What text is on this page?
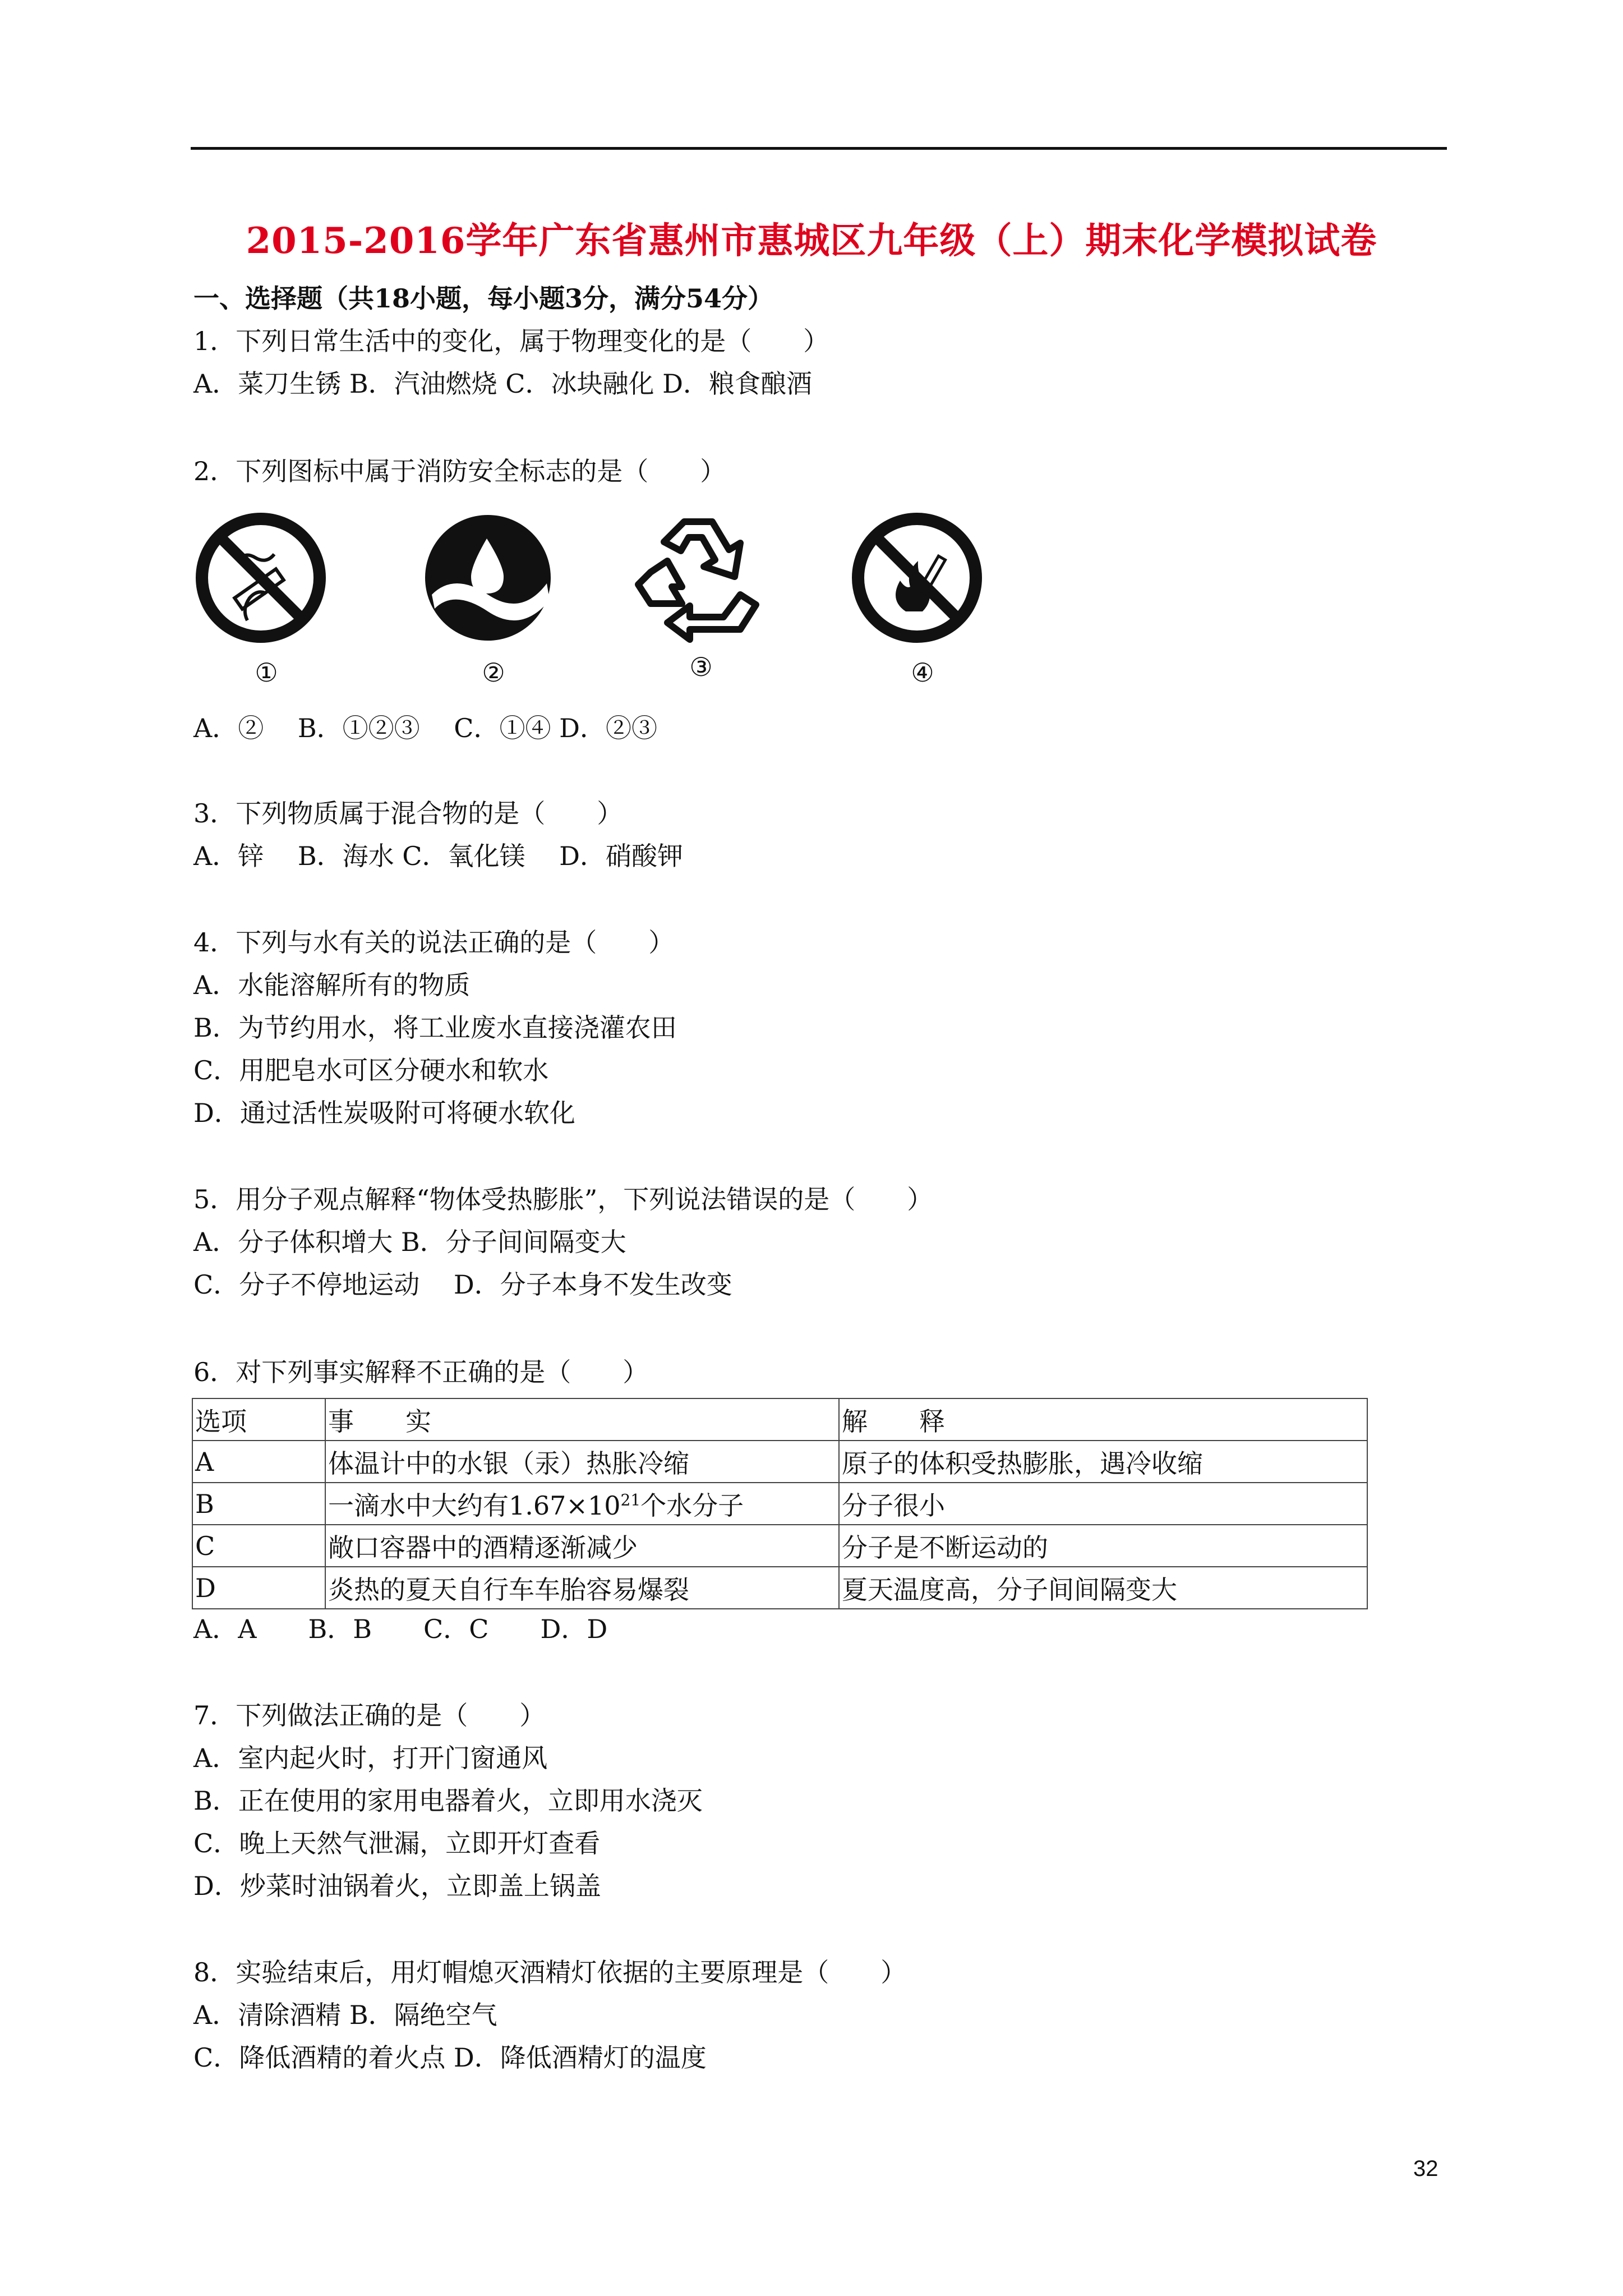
2015-2016学年广东省惠州市惠城区九年级（上）期末化学模拟试卷
一、选择题（共18小题，每小题3分，满分54分）
1．下列日常生活中的变化，属于物理变化的是（　　）
A．菜刀生锈 B．汽油燃烧 C．冰块融化 D．粮食酿酒
2．下列图标中属于消防安全标志的是（　　）
①	②	③	④
A．②　 B．①②③　 C．①④ D．②③
3．下列物质属于混合物的是（　　）
A．锌　 B．海水 C．氧化镁　 D．硝酸钾
4．下列与水有关的说法正确的是（　　）
A．水能溶解所有的物质
B．为节约用水，将工业废水直接浇灌农田
C．用肥皂水可区分硬水和软水
D．通过活性炭吸附可将硬水软化
5．用分子观点解释“物体受热膨胀”，下列说法错误的是（　　）
A．分子体积增大 B．分子间间隔变大
C．分子不停地运动　 D．分子本身不发生改变
6．对下列事实解释不正确的是（　　）
选项	事　　实	解　　释
A	体温计中的水银（汞）热胀冷缩	原子的体积受热膨胀，遇冷收缩
B	一滴水中大约有$1.67\times 10^{21}$个水分子	分子很小
C	敞口容器中的酒精逐渐减少	分子是不断运动的
D	炎热的夏天自行车车胎容易爆裂	夏天温度高，分子间间隔变大
A．A　　B．B　　C．C　　D．D
7．下列做法正确的是（　　）
A．室内起火时，打开门窗通风
B．正在使用的家用电器着火，立即用水浇灭
C．晚上天然气泄漏，立即开灯查看
D．炒菜时油锅着火，立即盖上锅盖
8．实验结束后，用灯帽熄灭酒精灯依据的主要原理是（　　）
A．清除酒精 B．隔绝空气
C．降低酒精的着火点 D．降低酒精灯的温度
32
